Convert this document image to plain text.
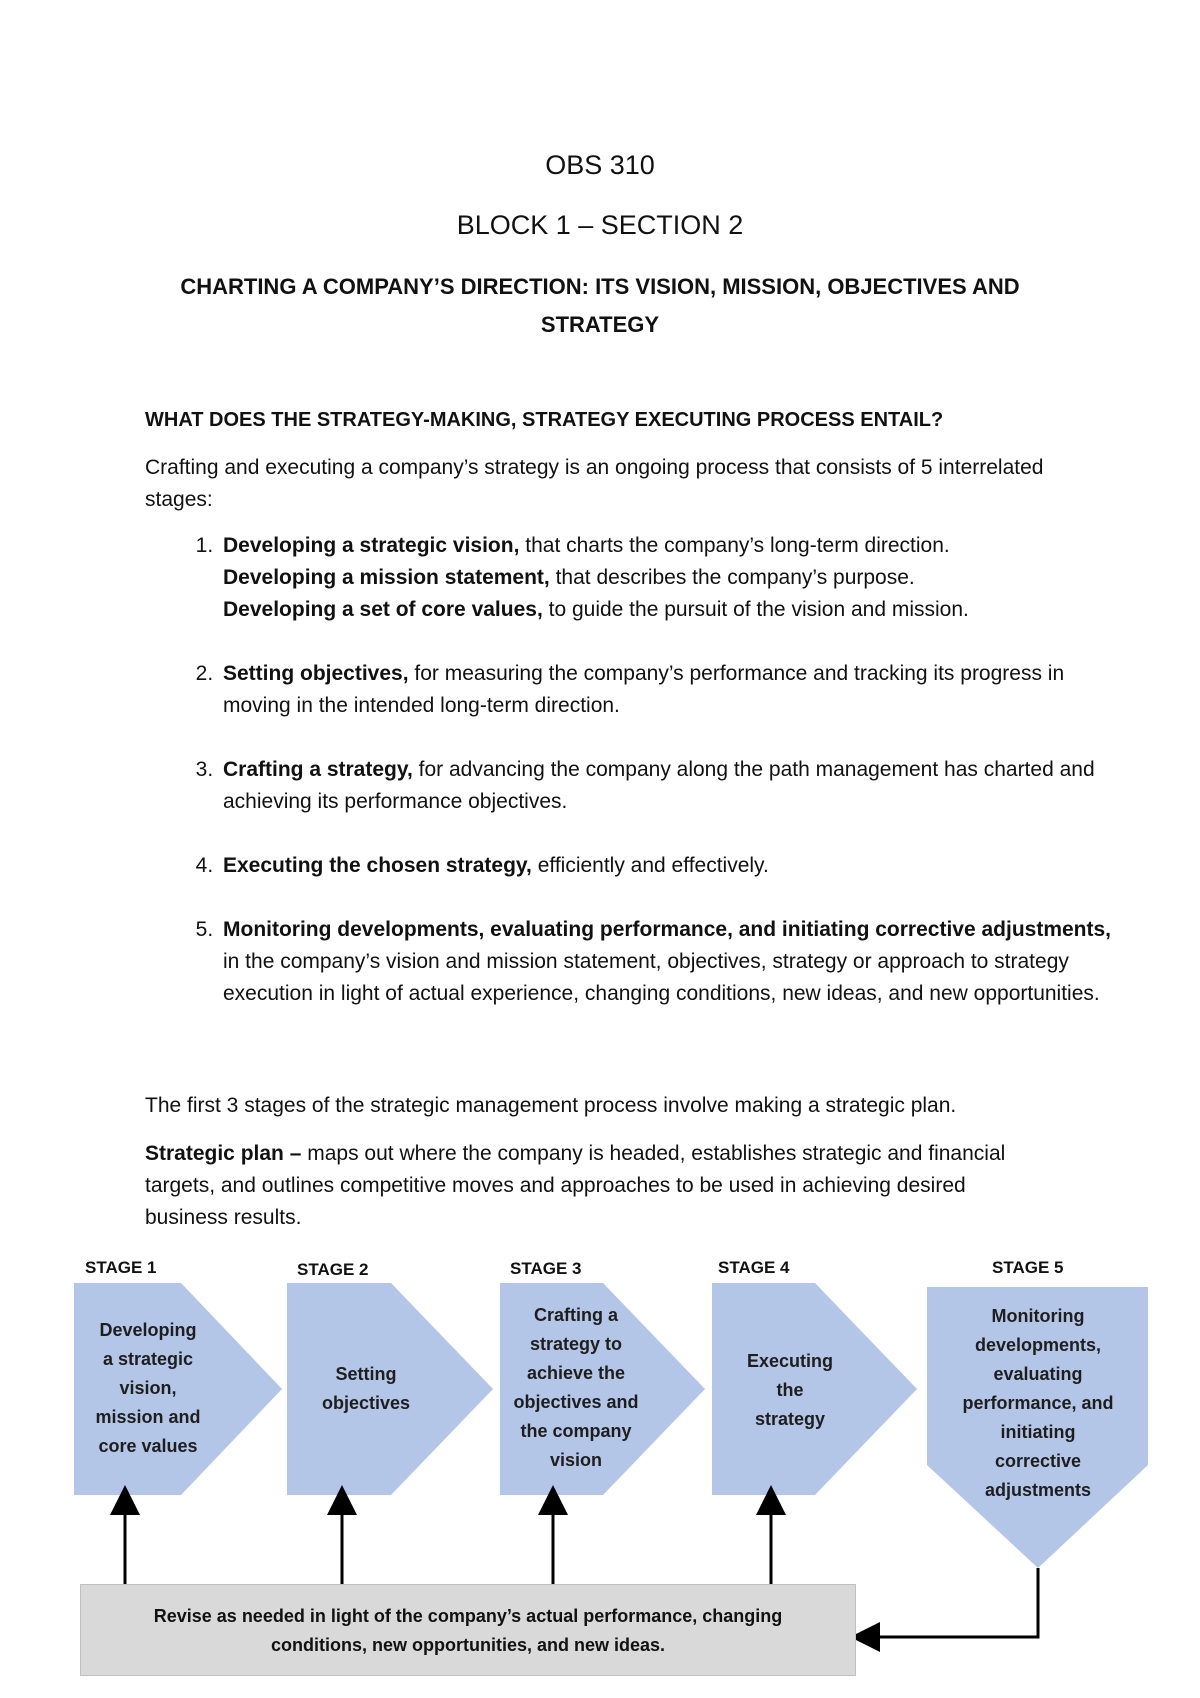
OBS 310
BLOCK 1 – SECTION 2
CHARTING A COMPANY’S DIRECTION: ITS VISION, MISSION, OBJECTIVES AND STRATEGY
WHAT DOES THE STRATEGY-MAKING, STRATEGY EXECUTING PROCESS ENTAIL?
Crafting and executing a company’s strategy is an ongoing process that consists of 5 interrelated stages:
1. Developing a strategic vision, that charts the company’s long-term direction.
Developing a mission statement, that describes the company’s purpose.
Developing a set of core values, to guide the pursuit of the vision and mission.
2. Setting objectives, for measuring the company’s performance and tracking its progress in moving in the intended long-term direction.
3. Crafting a strategy, for advancing the company along the path management has charted and achieving its performance objectives.
4. Executing the chosen strategy, efficiently and effectively.
5. Monitoring developments, evaluating performance, and initiating corrective adjustments, in the company’s vision and mission statement, objectives, strategy or approach to strategy execution in light of actual experience, changing conditions, new ideas, and new opportunities.
The first 3 stages of the strategic management process involve making a strategic plan.
Strategic plan – maps out where the company is headed, establishes strategic and financial targets, and outlines competitive moves and approaches to be used in achieving desired business results.
STAGE 1	STAGE 2	STAGE 3	STAGE 4	STAGE 5
Developing
a strategic
vision,
mission and
core values
Setting
objectives
Crafting a
strategy to
achieve the
objectives and
the company
vision
Executing
the
strategy
Monitoring
developments,
evaluating
performance, and
initiating
corrective
adjustments
Revise as needed in light of the company’s actual performance, changing
conditions, new opportunities, and new ideas.
